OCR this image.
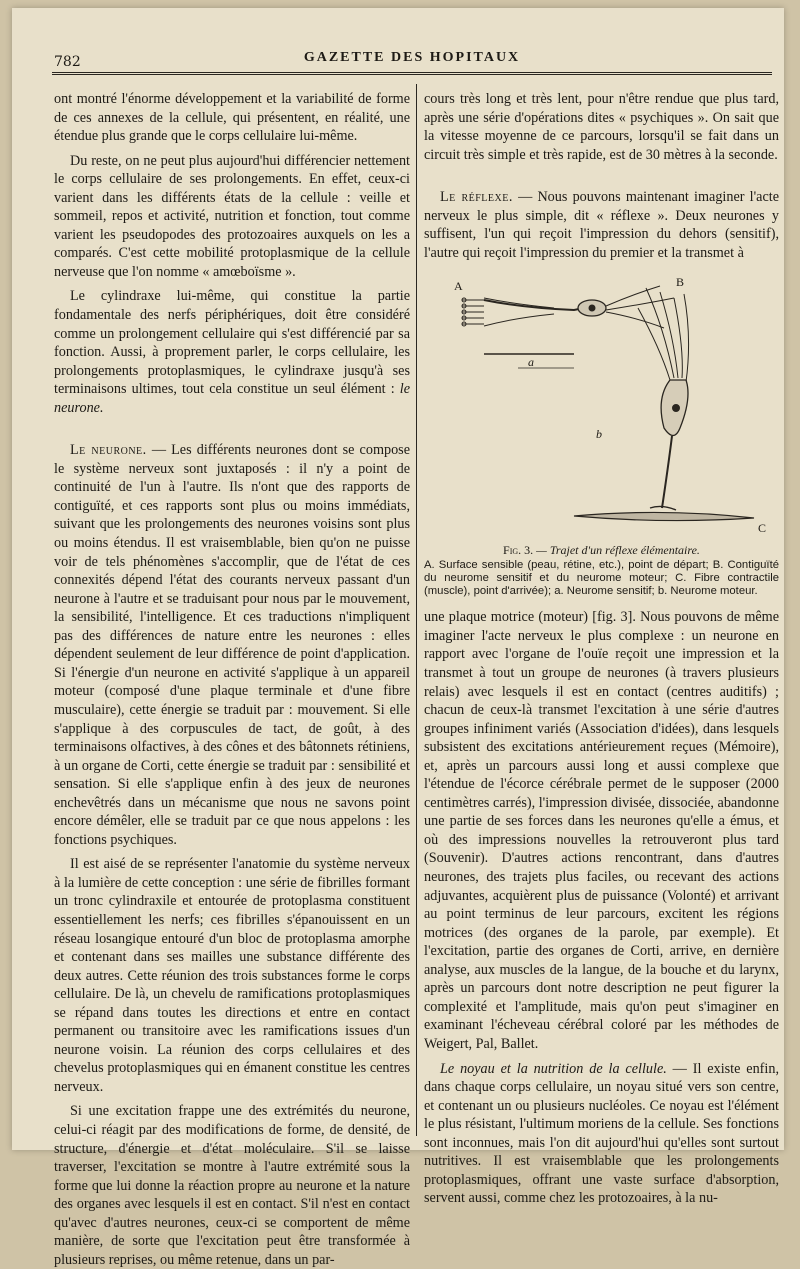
782	GAZETTE DES HOPITAUX

ont montré l'énorme développement et la variabilité de forme de ces annexes de la cellule, qui présentent, en réalité, une étendue plus grande que le corps cellulaire lui-même.

Du reste, on ne peut plus aujourd'hui différencier nettement le corps cellulaire de ses prolongements. En effet, ceux-ci varient dans les différents états de la cellule : veille et sommeil, repos et activité, nutrition et fonction, tout comme varient les pseudopodes des protozoaires auxquels on les a comparés. C'est cette mobilité protoplasmique de la cellule nerveuse que l'on nomme « amœboïsme ».

Le cylindraxe lui-même, qui constitue la partie fondamentale des nerfs périphériques, doit être considéré comme un prolongement cellulaire qui s'est différencié par sa fonction. Aussi, à proprement parler, le corps cellulaire, les prolongements protoplasmiques, le cylindraxe jusqu'à ses terminaisons ultimes, tout cela constitue un seul élément : le neurone.

Le neurone. — Les différents neurones dont se compose le système nerveux sont juxtaposés : il n'y a point de continuité de l'un à l'autre. Ils n'ont que des rapports de contiguïté, et ces rapports sont plus ou moins immédiats, suivant que les prolongements des neurones voisins sont plus ou moins étendus. Il est vraisemblable, bien qu'on ne puisse voir de tels phénomènes s'accomplir, que de l'état de ces connexités dépend l'état des courants nerveux passant d'un neurone à l'autre et se traduisant pour nous par le mouvement, la sensibilité, l'intelligence. Et ces traductions n'impliquent pas des différences de nature entre les neurones : elles dépendent seulement de leur différence de point d'application. Si l'énergie d'un neurone en activité s'applique à un appareil moteur (composé d'une plaque terminale et d'une fibre musculaire), cette énergie se traduit par : mouvement. Si elle s'applique à des corpuscules de tact, de goût, à des terminaisons olfactives, à des cônes et des bâtonnets rétiniens, à un organe de Corti, cette énergie se traduit par : sensibilité et sensation. Si elle s'applique enfin à des jeux de neurones enchevêtrés dans un mécanisme que nous ne savons point encore démêler, elle se traduit par ce que nous appelons : les fonctions psychiques.

Il est aisé de se représenter l'anatomie du système nerveux à la lumière de cette conception : une série de fibrilles formant un tronc cylindraxile et entourée de protoplasma constituent essentiellement les nerfs; ces fibrilles s'épanouissent en un réseau losangique entouré d'un bloc de protoplasma amorphe et contenant dans ses mailles une substance différente des deux autres. Cette réunion des trois substances forme le corps cellulaire. De là, un chevelu de ramifications protoplasmiques se répand dans toutes les directions et entre en contact permanent ou transitoire avec les ramifications issues d'un neurone voisin. La réunion des corps cellulaires et des chevelus protoplasmiques qui en émanent constitue les centres nerveux.

Si une excitation frappe une des extrémités du neurone, celui-ci réagit par des modifications de forme, de densité, de structure, d'énergie et d'état moléculaire. S'il se laisse traverser, l'excitation se montre à l'autre extrémité sous la forme que lui donne la réaction propre au neurone et la nature des organes avec lesquels il est en contact. S'il n'est en contact qu'avec d'autres neurones, ceux-ci se comportent de même manière, de sorte que l'excitation peut être transformée à plusieurs reprises, ou même retenue, dans un par-

cours très long et très lent, pour n'être rendue que plus tard, après une série d'opérations dites « psychiques ». On sait que la vitesse moyenne de ce parcours, lorsqu'il se fait dans un circuit très simple et très rapide, est de 30 mètres à la seconde.

Le réflexe. — Nous pouvons maintenant imaginer l'acte nerveux le plus simple, dit « réflexe ». Deux neurones y suffisent, l'un qui reçoit l'impression du dehors (sensitif), l'autre qui reçoit l'impression du premier et la transmet à

A	B
C
a
b
Fig. 3. — Trajet d'un réflexe élémentaire.
A. Surface sensible (peau, rétine, etc.), point de départ; B. Contiguïté du neurome sensitif et du neurome moteur; C. Fibre contractile (muscle), point d'arrivée); a. Neurome sensitif; b. Neurome moteur.

une plaque motrice (moteur) [fig. 3]. Nous pouvons de même imaginer l'acte nerveux le plus complexe : un neurone en rapport avec l'organe de l'ouïe reçoit une impression et la transmet à tout un groupe de neurones (à travers plusieurs relais) avec lesquels il est en contact (centres auditifs) ; chacun de ceux-là transmet l'excitation à une série d'autres groupes infiniment variés (Association d'idées), dans lesquels subsistent des excitations antérieurement reçues (Mémoire), et, après un parcours aussi long et aussi complexe que l'étendue de l'écorce cérébrale permet de le supposer (2000 centimètres carrés), l'impression divisée, dissociée, abandonne une partie de ses forces dans les neurones qu'elle a émus, et où des impressions nouvelles la retrouveront plus tard (Souvenir). D'autres actions rencontrant, dans d'autres neurones, des trajets plus faciles, ou recevant des actions adjuvantes, acquièrent plus de puissance (Volonté) et arrivant au point terminus de leur parcours, excitent les régions motrices (des organes de la parole, par exemple). Et l'excitation, partie des organes de Corti, arrive, en dernière analyse, aux muscles de la langue, de la bouche et du larynx, après un parcours dont notre description ne peut figurer la complexité et l'amplitude, mais qu'on peut s'imaginer en examinant l'écheveau cérébral coloré par les méthodes de Weigert, Pal, Ballet.

Le noyau et la nutrition de la cellule. — Il existe enfin, dans chaque corps cellulaire, un noyau situé vers son centre, et contenant un ou plusieurs nucléoles. Ce noyau est l'élément le plus résistant, l'ultimum moriens de la cellule. Ses fonctions sont inconnues, mais l'on dit aujourd'hui qu'elles sont surtout nutritives. Il est vraisemblable que les prolongements protoplasmiques, offrant une vaste surface d'absorption, servent aussi, comme chez les protozoaires, à la nu-
